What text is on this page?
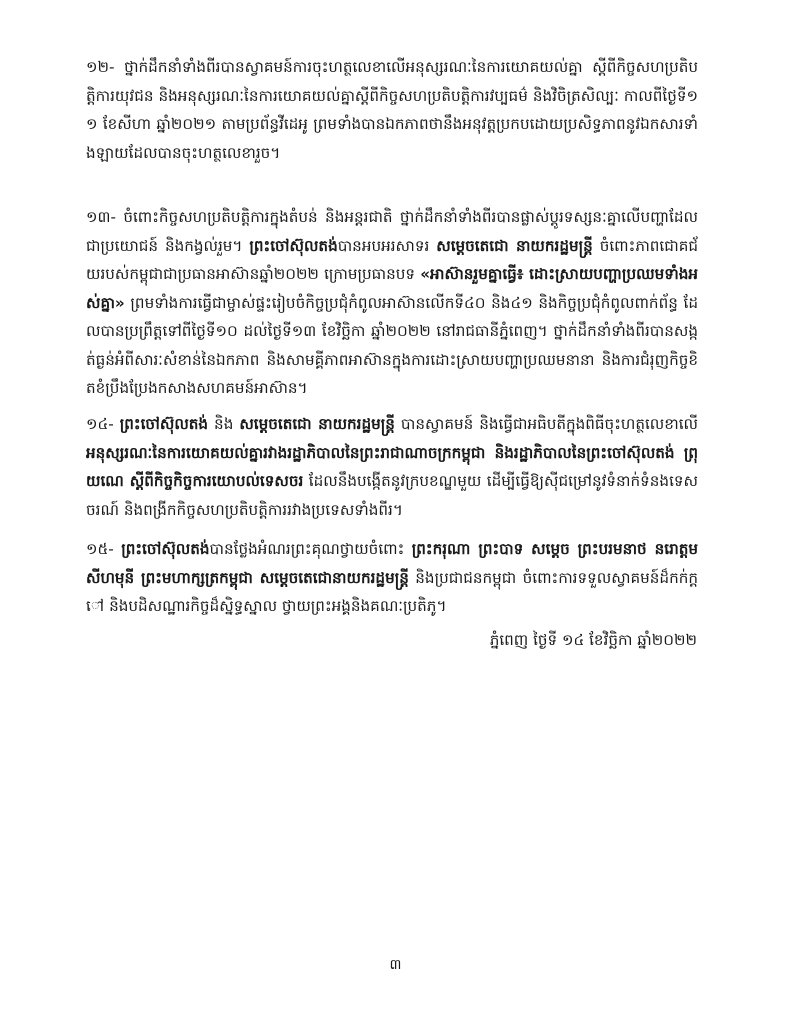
១២- ថ្នាក់ដឹកនាំទាំងពីរបានស្វាគមន៍ការចុះហត្ថលេខាលើអនុស្សរណៈនៃការយោគយល់គ្នា ស្តីពីកិច្ចសហប្រតិបត្តិការយុវជន និងអនុស្សរណៈនៃការយោគយល់គ្នាស្តីពីកិច្ចសហប្រតិបត្តិការវប្បធម៌ និងវិចិត្រសិល្បៈ កាលពីថ្ងៃទី១១ ខែសីហា ឆ្នាំ២០២១ តាមប្រព័ន្ធវីដេអូ ព្រមទាំងបានឯកភាពថានឹងអនុវត្តប្រកបដោយប្រសិទ្ធភាពនូវឯកសារទាំងឡាយដែលបានចុះហត្ថលេខារួច។

១៣- ចំពោះកិច្ចសហប្រតិបត្តិការក្នុងតំបន់ និងអន្តរជាតិ ថ្នាក់ដឹកនាំទាំងពីរបានផ្លាស់ប្តូរទស្សនៈគ្នាលើបញ្ហាដែលជាប្រយោជន៍ និងកង្វល់រួម។ ព្រះចៅស៊ុលតង់បានអបអរសាទរ សម្តេចតេជោ នាយករដ្ឋមន្ត្រី ចំពោះភាពជោគជ័យរបស់កម្ពុជាជាប្រធានអាស៊ានឆ្នាំ២០២២ ក្រោមប្រធានបទ «អាស៊ានរួមគ្នាធ្វើ៖ ដោះស្រាយបញ្ហាប្រឈមទាំងអស់គ្នា» ព្រមទាំងការធ្វើជាម្ចាស់ផ្ទះរៀបចំកិច្ចប្រជុំកំពូលអាស៊ានលើកទី៤០ និង៤១ និងកិច្ចប្រជុំកំពូលពាក់ព័ន្ធ ដែលបានប្រព្រឹត្តទៅពីថ្ងៃទី១០ ដល់ថ្ងៃទី១៣ ខែវិច្ឆិកា ឆ្នាំ២០២២ នៅរាជធានីភ្នំពេញ។ ថ្នាក់ដឹកនាំទាំងពីរបានសង្កត់ធ្ងន់អំពីសារៈសំខាន់នៃឯកភាព និងសាមគ្គីភាពអាស៊ានក្នុងការដោះស្រាយបញ្ហាប្រឈមនានា និងការជំរុញកិច្ចខិតខំប្រឹងប្រែងកសាងសហគមន៍អាស៊ាន។

១៤- ព្រះចៅស៊ុលតង់ និង សម្តេចតេជោ នាយករដ្ឋមន្ត្រី បានស្វាគមន៍ និងធ្វើជាអធិបតីក្នុងពិធីចុះហត្ថលេខាលើ អនុស្សរណៈនៃការយោគយល់គ្នារវាងរដ្ឋាភិបាលនៃព្រះរាជាណាចក្រកម្ពុជា និងរដ្ឋាភិបាលនៃព្រះចៅស៊ុលតង់ ព្រុយណេ ស្តីពីកិច្ចកិច្ចការយោបល់ទេសចរ ដែលនឹងបង្កើតនូវក្របខណ្ឌមួយ ដើម្បីធ្វើឱ្យស៊ីជម្រៅនូវទំនាក់ទំនងទេសចរណ៍ និងពង្រីកកិច្ចសហប្រតិបត្តិការរវាងប្រទេសទាំងពីរ។

១៥- ព្រះចៅស៊ុលតង់បានថ្លែងអំណរព្រះគុណថ្វាយចំពោះ ព្រះករុណា ព្រះបាទ សម្តេច ព្រះបរមនាថ នរោត្តម សីហមុនី ព្រះមហាក្សត្រកម្ពុជា សម្តេចតេជោនាយករដ្ឋមន្ត្រី និងប្រជាជនកម្ពុជា ចំពោះការទទួលស្វាគមន៍ដ៏កក់ក្តៅ និងបដិសណ្ឋារកិច្ចដ៏ស្និទ្ធស្នាល ថ្វាយព្រះអង្គនិងគណៈប្រតិភូ។

ភ្នំពេញ ថ្ងៃទី ១៤ ខែវិច្ឆិកា ឆ្នាំ២០២២
៣
